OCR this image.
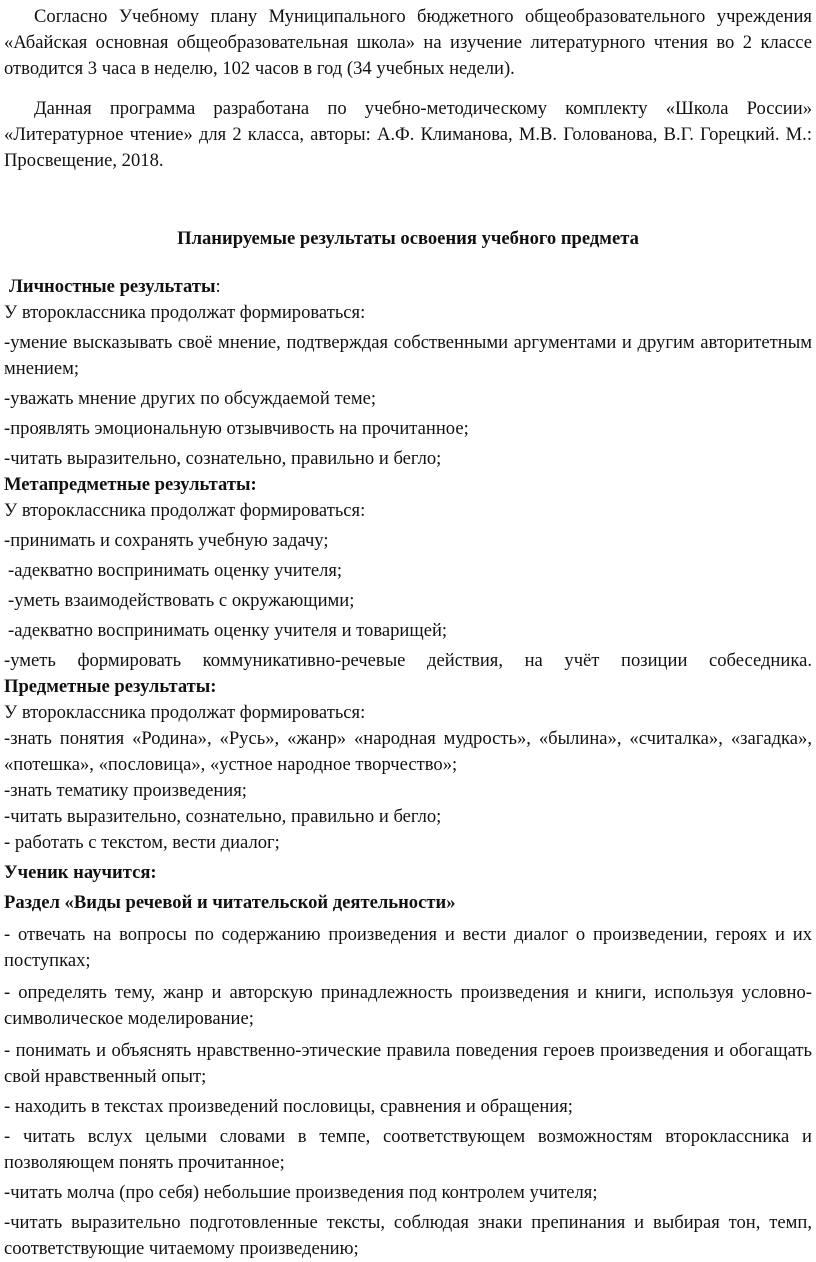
Согласно Учебному плану Муниципального бюджетного общеобразовательного учреждения «Абайская основная общеобразовательная школа» на изучение литературного чтения во 2 классе отводится 3 часа в неделю, 102 часов в год (34 учебных недели).

Данная программа разработана по учебно-методическому комплекту «Школа России» «Литературное чтение» для 2 класса, авторы: А.Ф. Климанова, М.В. Голованова, В.Г. Горецкий. М.: Просвещение, 2018.

Планируемые результаты освоения учебного предмета

Личностные результаты:

У второклассника продолжат формироваться:

-умение высказывать своё мнение, подтверждая собственными аргументами и другим авторитетным мнением;

-уважать мнение других по обсуждаемой теме;

-проявлять эмоциональную отзывчивость на прочитанное;

-читать выразительно, сознательно, правильно и бегло;

Метапредметные результаты:

У второклассника продолжат формироваться:

-принимать и сохранять учебную задачу;

-адекватно воспринимать оценку учителя;

-уметь взаимодействовать с окружающими;

-адекватно воспринимать оценку учителя и товарищей;

-уметь формировать коммуникативно-речевые действия, на учёт позиции собеседника.

Предметные результаты:

У второклассника продолжат формироваться:

-знать понятия «Родина», «Русь», «жанр» «народная мудрость», «былина», «считалка», «загадка», «потешка», «пословица», «устное народное творчество»;

-знать тематику произведения;

-читать выразительно, сознательно, правильно и бегло;

- работать с текстом, вести диалог;

Ученик научится:

Раздел «Виды речевой и читательской деятельности»

- отвечать на вопросы по содержанию произведения и вести диалог о произведении, героях и их поступках;

- определять тему, жанр и авторскую принадлежность произведения и книги, используя условно-символическое моделирование;

- понимать и объяснять нравственно-этические правила поведения героев произведения и обогащать свой нравственный опыт;

- находить в текстах произведений пословицы, сравнения и обращения;

- читать вслух целыми словами в темпе, соответствующем возможностям второклассника и позволяющем понять прочитанное;

-читать молча (про себя) небольшие произведения под контролем учителя;

-читать выразительно подготовленные тексты, соблюдая знаки препинания и выбирая тон, темп, соответствующие читаемому произведению;
